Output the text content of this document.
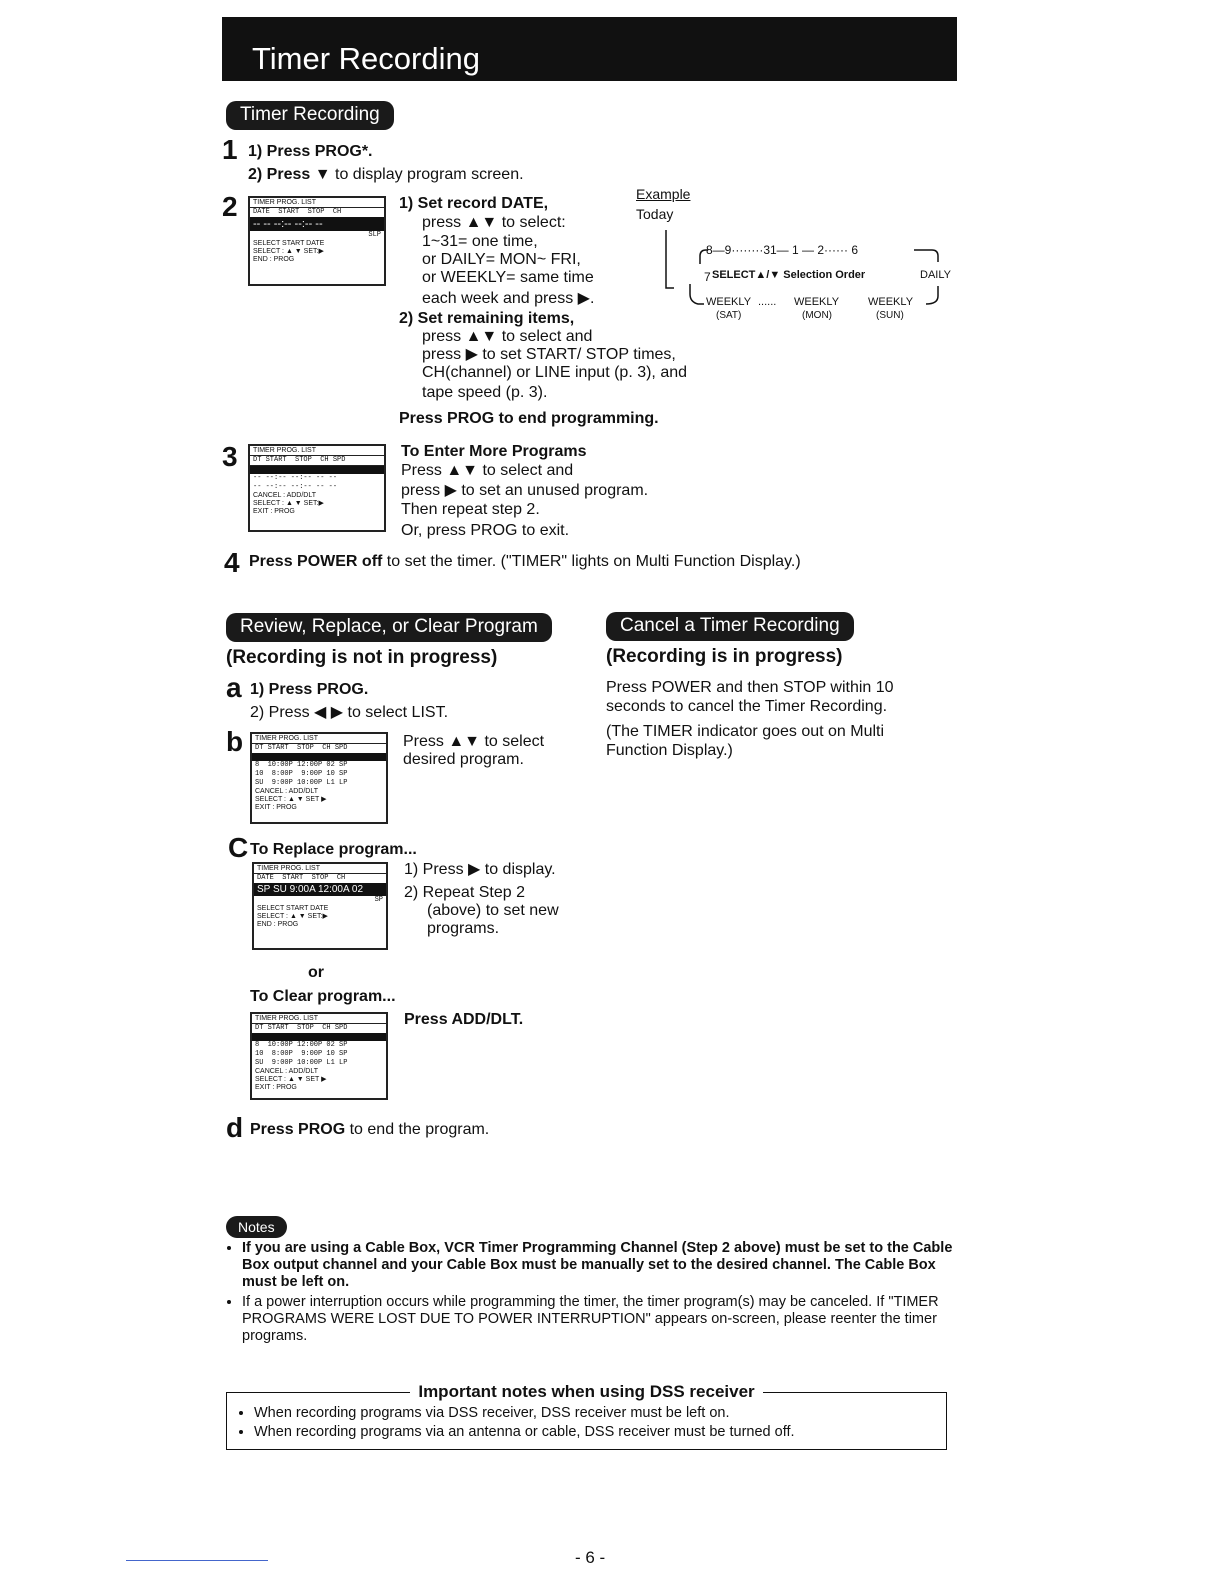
Timer Recording
Timer Recording
1 1) Press PROG*.
2) Press ▼ to display program screen.
2	TIMER PROG. LIST
DATE  START  STOP  CH
-- -- --:-- --:-- --
SLP
SELECT START DATE
SELECT : ▲ ▼ SET:▶
END : PROG
1) Set record DATE,
press ▲▼ to select:
1~31= one time,
or DAILY= MON~ FRI,
or WEEKLY= same time
each week and press ▶.
2) Set remaining items,
press ▲▼ to select and
press ▶ to set START/ STOP times,
CH(channel) or LINE input (p. 3), and
tape speed (p. 3).
Press PROG to end programming.
Example
Today
8—9········31— 1 — 2······ 6
7 SELECT▲/▼ Selection Order	DAILY
WEEKLY ...... WEEKLY	WEEKLY
(SAT)	(MON)	(SUN)
3	TIMER PROG. LIST
DT START  STOP  CH SPD
-- --:-- --:-- -- --
-- --:-- --:-- -- --
CANCEL : ADD/DLT
SELECT : ▲ ▼ SET:▶
EXIT : PROG
To Enter More Programs
Press ▲▼ to select and
press ▶ to set an unused program.
Then repeat step 2.
Or, press PROG to exit.
4 Press POWER off to set the timer. ("TIMER" lights on Multi Function Display.)
Review, Replace, or Clear Program
(Recording is not in progress)
a 1) Press PROG.
2) Press ◀ ▶ to select LIST.
b	TIMER PROG. LIST
DT START  STOP  CH SPD
8  10:00P 12:00P 02 SP
10  8:00P  9:00P 10 SP
SU  9:00P 10:00P L1 LP
CANCEL : ADD/DLT
SELECT : ▲ ▼ SET ▶
EXIT : PROG
Press ▲▼ to select
desired program.
C To Replace program...
TIMER PROG. LIST
DATE  START  STOP  CH
SP SU 9:00A 12:00A 02
SP
SELECT START DATE
SELECT : ▲ ▼ SET:▶
END : PROG
1) Press ▶ to display.
2) Repeat Step 2
(above) to set new
programs.
or
To Clear program...
TIMER PROG. LIST
DT START  STOP  CH SPD
8  10:00P 12:00P 02 SP
10  8:00P  9:00P 10 SP
SU  9:00P 10:00P L1 LP
CANCEL : ADD/DLT
SELECT : ▲ ▼ SET ▶
EXIT : PROG
Press ADD/DLT.
d Press PROG to end the program.
Cancel a Timer Recording
(Recording is in progress)
Press POWER and then STOP within 10
seconds to cancel the Timer Recording.
(The TIMER indicator goes out on Multi
Function Display.)
Notes
• If you are using a Cable Box, VCR Timer Programming Channel (Step 2 above) must be set to the Cable Box output channel and your Cable Box must be manually set to the desired channel. The Cable Box must be left on.
• If a power interruption occurs while programming the timer, the timer program(s) may be canceled. If "TIMER PROGRAMS WERE LOST DUE TO POWER INTERRUPTION" appears on-screen, please reenter the timer programs.
Important notes when using DSS receiver
• When recording programs via DSS receiver, DSS receiver must be left on.
• When recording programs via an antenna or cable, DSS receiver must be turned off.
- 6 -
